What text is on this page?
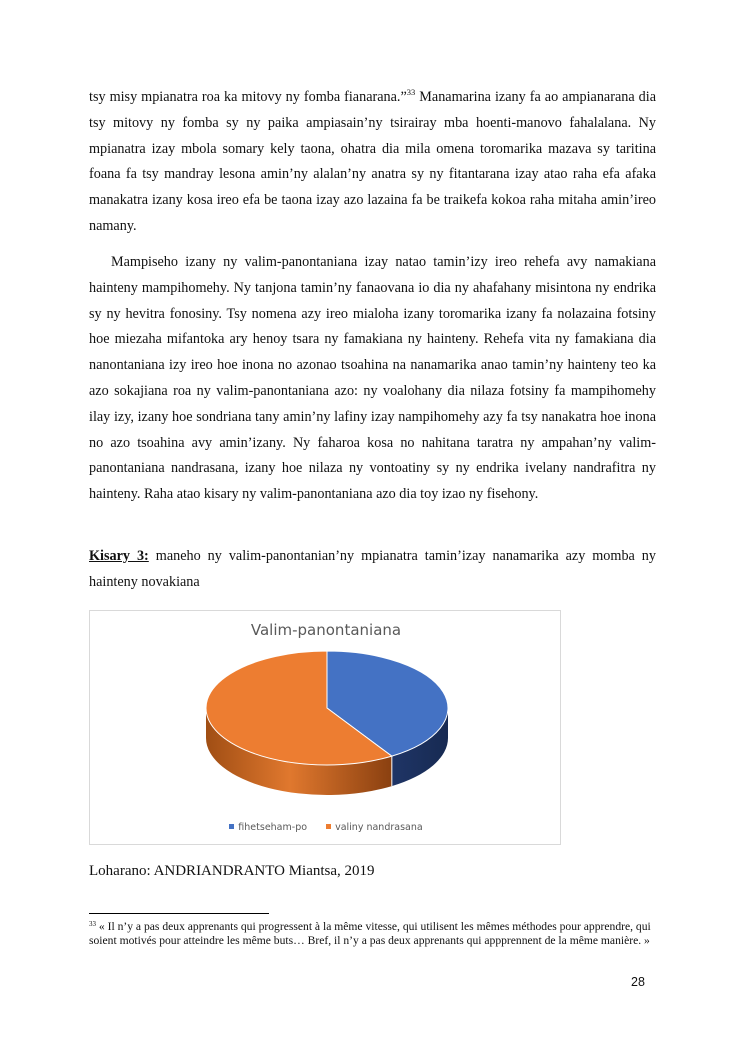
tsy misy mpianatra roa ka mitovy ny fomba fianarana.”$^{33}$ Manamarina izany fa ao ampianarana dia tsy mitovy ny fomba sy ny paika ampiasain’ny tsirairay mba hoenti-manovo fahalalana. Ny mpianatra izay mbola somary kely taona, ohatra dia mila omena toromarika mazava sy taritina foana fa tsy mandray lesona amin’ny alalan’ny anatra sy ny fitantarana izay atao raha efa afaka manakatra izany kosa ireo efa be taona izay azo lazaina fa be traikefa kokoa raha mitaha amin’ireo namany.
Mampiseho izany ny valim-panontaniana izay natao tamin’izy ireo rehefa avy namakiana hainteny mampihomehy. Ny tanjona tamin’ny fanaovana io dia ny ahafahany misintona ny endrika sy ny hevitra fonosiny. Tsy nomena azy ireo mialoha izany toromarika izany fa nolazaina fotsiny hoe miezaha mifantoka ary henoy tsara ny famakiana ny hainteny. Rehefa vita ny famakiana dia nanontaniana izy ireo hoe inona no azonao tsoahina na nanamarika anao tamin’ny hainteny teo ka azo sokajiana roa ny valim-panontaniana azo: ny voalohany dia nilaza fotsiny fa mampihomehy ilay izy, izany hoe sondriana tany amin’ny lafiny izay nampihomehy azy fa tsy nanakatra hoe inona no azo tsoahina avy amin’izany. Ny faharoa kosa no nahitana taratra ny ampahan’ny valim-panontaniana nandrasana, izany hoe nilaza ny vontoatiny sy ny endrika ivelany nandrafitra ny hainteny. Raha atao kisary ny valim-panontaniana azo dia toy izao ny fisehony.
Kisary 3: maneho ny valim-panontanian’ny mpianatra tamin’izay nanamarika azy momba ny hainteny novakiana
Valim-panontaniana
fihetseham-po	valiny nandrasana
Loharano: ANDRIANDRANTO Miantsa, 2019
$^{33}$ « Il n’y a pas deux apprenants qui progressent à la même vitesse, qui utilisent les mêmes méthodes pour apprendre, qui soient motivés pour atteindre les même buts… Bref, il n’y a pas deux apprenants qui appprennent de la même manière. »
28
